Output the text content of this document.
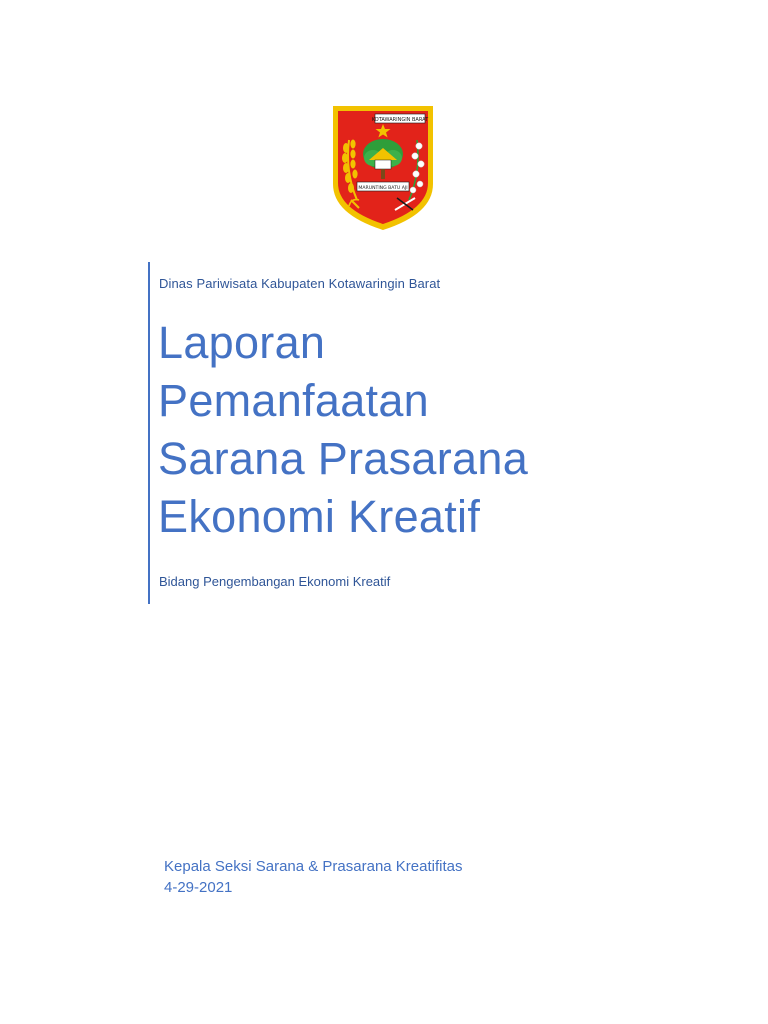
KOTAWARINGIN BARAT
MARUNTING BATU AJI

Dinas Pariwisata Kabupaten Kotawaringin Barat

Laporan
Pemanfaatan
Sarana Prasarana
Ekonomi Kreatif

Bidang Pengembangan Ekonomi Kreatif

Kepala Seksi Sarana & Prasarana Kreatifitas
4-29-2021
